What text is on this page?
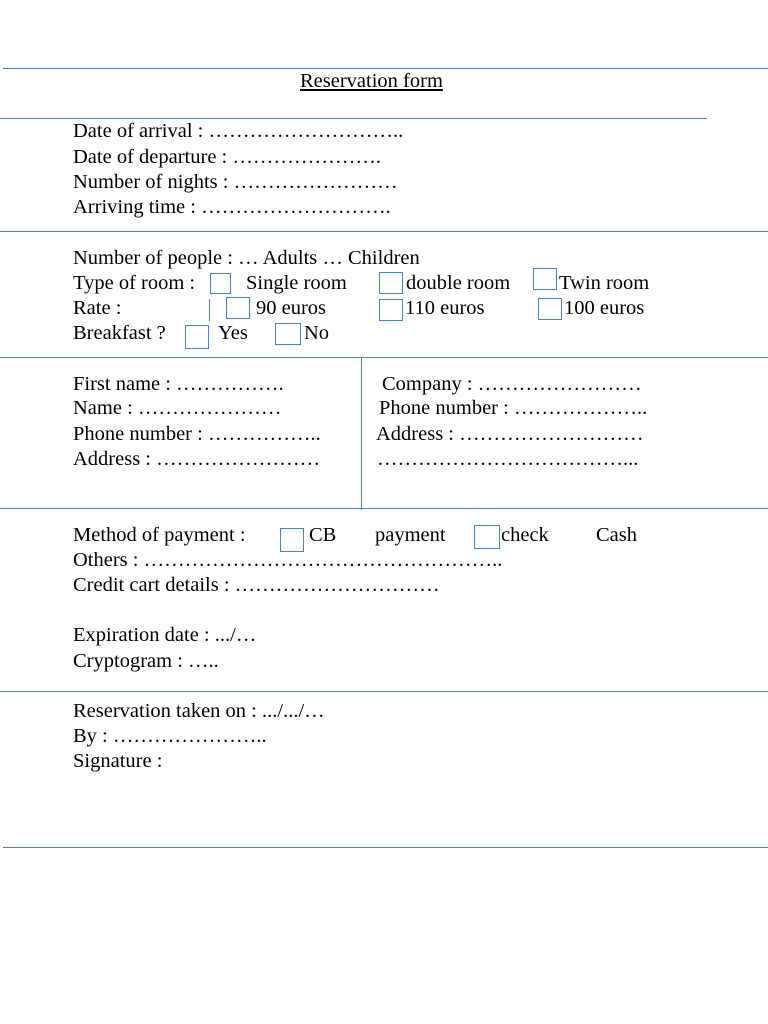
Reservation form
Date of arrival : ………………………..
Date of departure : ………………….
Number of nights : ……………………
Arriving time : ……………………….
Number of people : … Adults … Children
Type of room : Single room	double room Twin room
Rate :	90 euros	110 euros	100 euros
Breakfast ?	Yes	No
First name : …………….
Name : …………………
Phone number : ……………..
Address : ……………………
Company : ……………………
Phone number : ………………..
Address : ………………………
………………………………...
Method of payment :	CB payment	check Cash
Others : ……………………………………………..
Credit cart details : …………………………
Expiration date : .../…
Cryptogram : …..
Reservation taken on : .../.../…
By : …………………..
Signature :
